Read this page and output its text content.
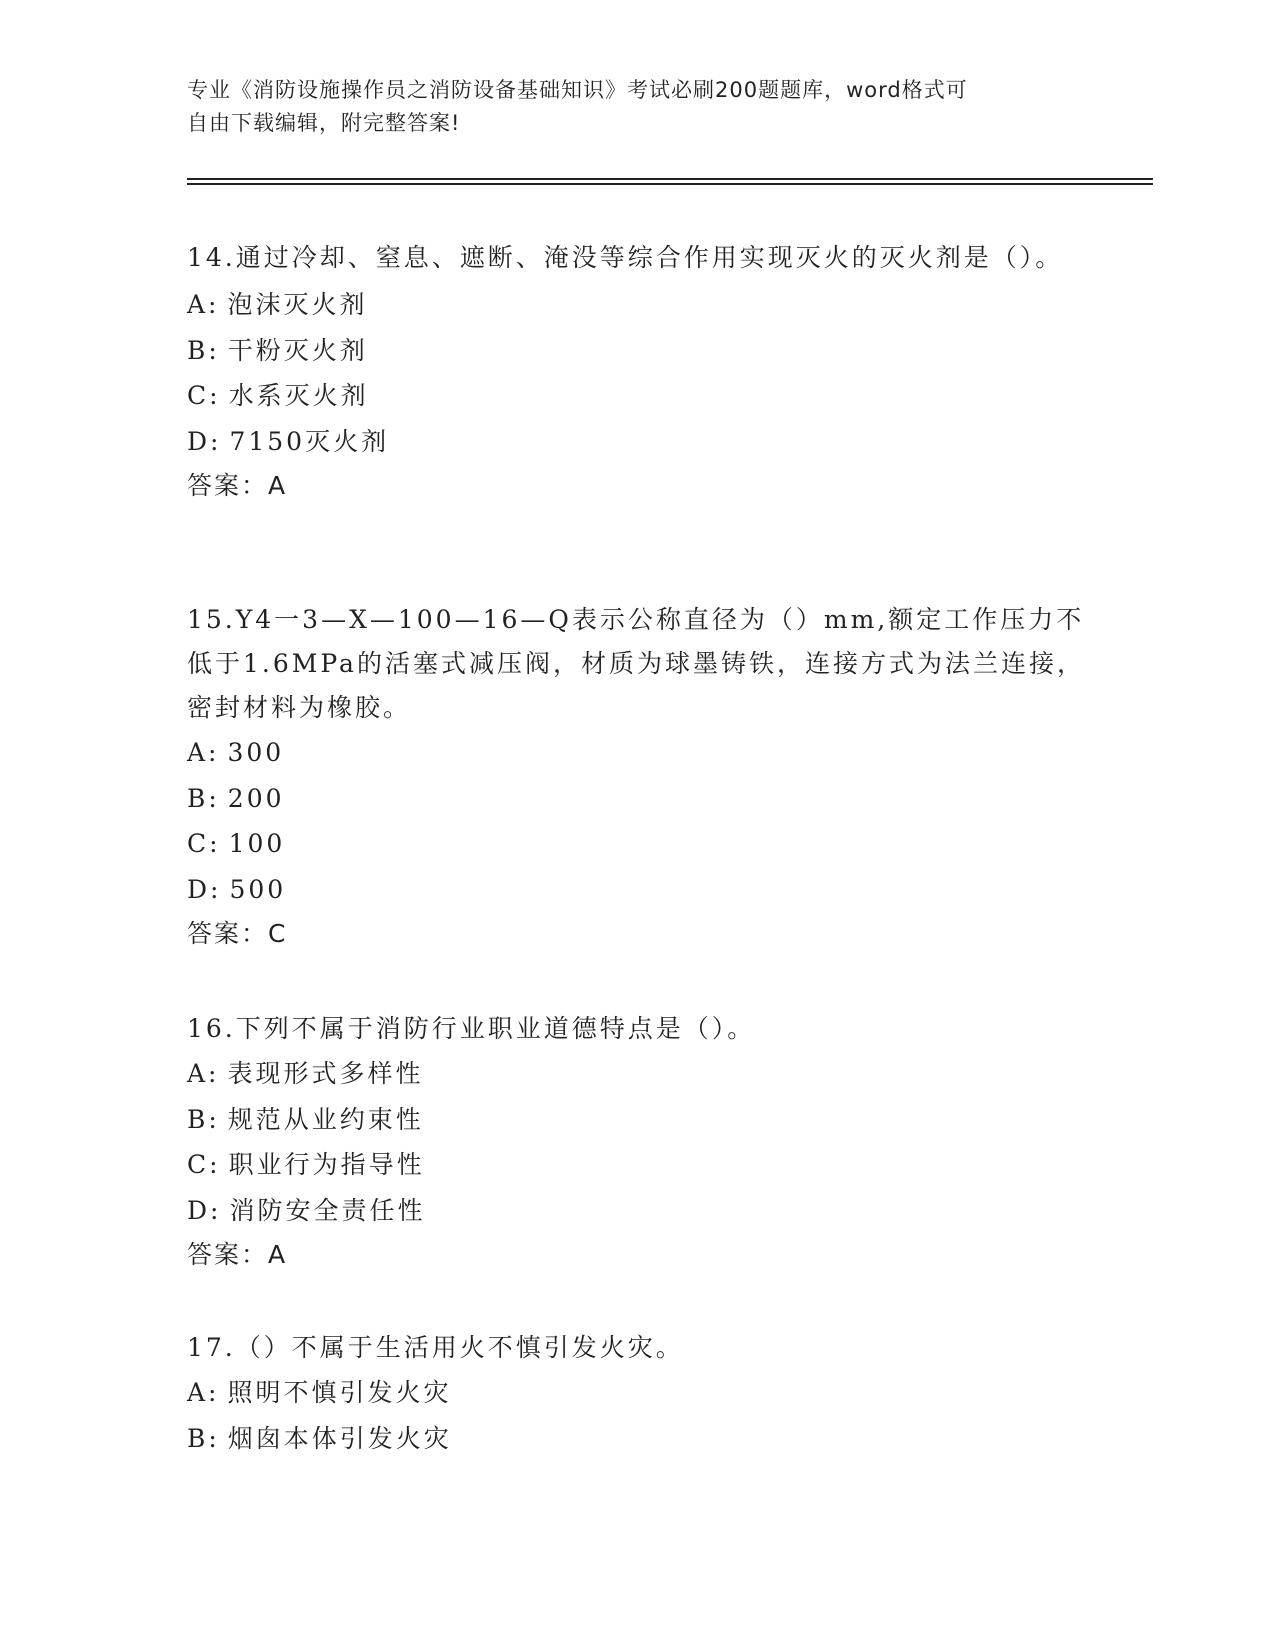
专业《消防设施操作员之消防设备基础知识》考试必刷200题题库，word格式可
自由下载编辑，附完整答案!
14.通过冷却、窒息、遮断、淹没等综合作用实现灭火的灭火剂是（）。
A: 泡沫灭火剂
B: 干粉灭火剂
C: 水系灭火剂
D: 7150灭火剂
答案：A
15.Y4一3—X—100—16—Q表示公称直径为（）mm,额定工作压力不低于1.6MPa的活塞式减压阀，材质为球墨铸铁，连接方式为法兰连接，密封材料为橡胶。
A: 300
B: 200
C: 100
D: 500
答案：C
16.下列不属于消防行业职业道德特点是（）。
A: 表现形式多样性
B: 规范从业约束性
C: 职业行为指导性
D: 消防安全责任性
答案：A
17.（）不属于生活用火不慎引发火灾。
A: 照明不慎引发火灾
B: 烟囱本体引发火灾
